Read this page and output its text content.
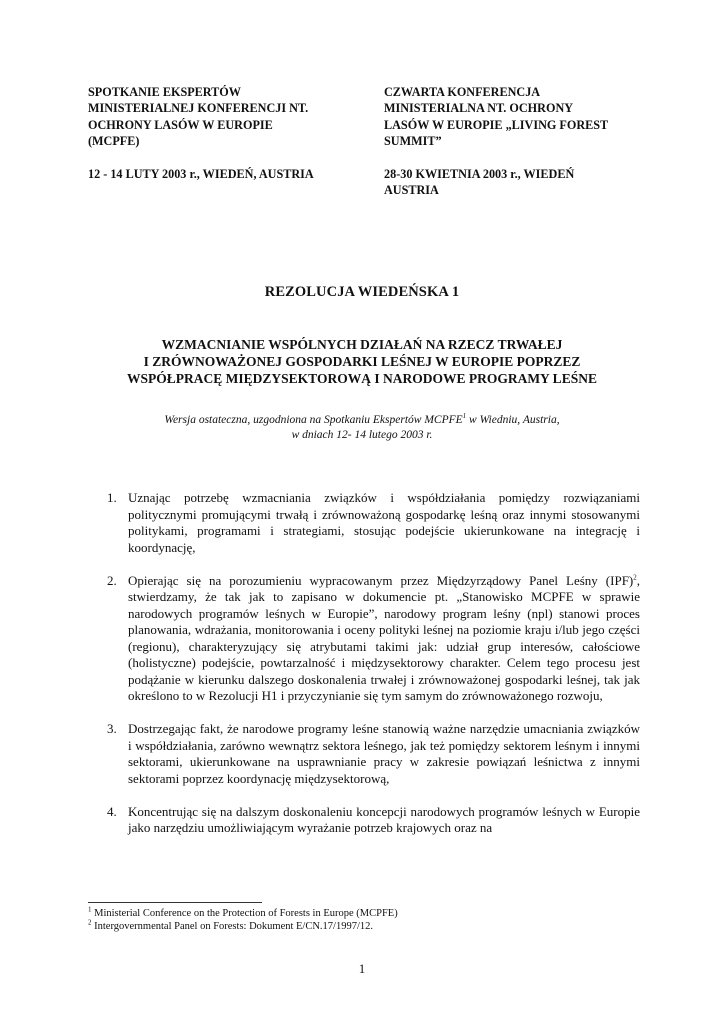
SPOTKANIE EKSPERTÓW
MINISTERIALNEJ KONFERENCJI NT.
OCHRONY LASÓW W EUROPIE
(MCPFE)
12 - 14 LUTY 2003 r., WIEDEŃ, AUSTRIA
CZWARTA KONFERENCJA
MINISTERIALNA NT. OCHRONY
LASÓW W EUROPIE „LIVING FOREST
SUMMIT”
28-30 KWIETNIA 2003 r., WIEDEŃ
AUSTRIA
REZOLUCJA WIEDEŃSKA 1
WZMACNIANIE WSPÓLNYCH DZIAŁAŃ NA RZECZ TRWAŁEJ
I ZRÓWNOWAŻONEJ GOSPODARKI LEŚNEJ W EUROPIE POPRZEZ
WSPÓŁPRACĘ MIĘDZYSEKTOROWĄ I NARODOWE PROGRAMY LEŚNE
Wersja ostateczna, uzgodniona na Spotkaniu Ekspertów MCPFE$^1$ w Wiedniu, Austria,
w dniach 12- 14 lutego 2003 r.
1. Uznając potrzebę wzmacniania związków i współdziałania pomiędzy rozwiązaniami politycznymi promującymi trwałą i zrównoważoną gospodarkę leśną oraz innymi stosowanymi politykami, programami i strategiami, stosując podejście ukierunkowane na integrację i koordynację,
2. Opierając się na porozumieniu wypracowanym przez Międzyrządowy Panel Leśny (IPF)$^2$, stwierdzamy, że tak jak to zapisano w dokumencie pt. „Stanowisko MCPFE w sprawie narodowych programów leśnych w Europie”, narodowy program leśny (npl) stanowi proces planowania, wdrażania, monitorowania i oceny polityki leśnej na poziomie kraju i/lub jego części (regionu), charakteryzujący się atrybutami takimi jak: udział grup interesów, całościowe (holistyczne) podejście, powtarzalność i międzysektorowy charakter. Celem tego procesu jest podążanie w kierunku dalszego doskonalenia trwałej i zrównoważonej gospodarki leśnej, tak jak określono to w Rezolucji H1 i przyczynianie się tym samym do zrównoważonego rozwoju,
3. Dostrzegając fakt, że narodowe programy leśne stanowią ważne narzędzie umacniania związków i współdziałania, zarówno wewnątrz sektora leśnego, jak też pomiędzy sektorem leśnym i innymi sektorami, ukierunkowane na usprawnianie pracy w zakresie powiązań leśnictwa z innymi sektorami poprzez koordynację międzysektorową,
4. Koncentrując się na dalszym doskonaleniu koncepcji narodowych programów leśnych w Europie jako narzędziu umożliwiającym wyrażanie potrzeb krajowych oraz na
$^1$ Ministerial Conference on the Protection of Forests in Europe (MCPFE)
$^2$ Intergovernmental Panel on Forests: Dokument E/CN.17/1997/12.
1
